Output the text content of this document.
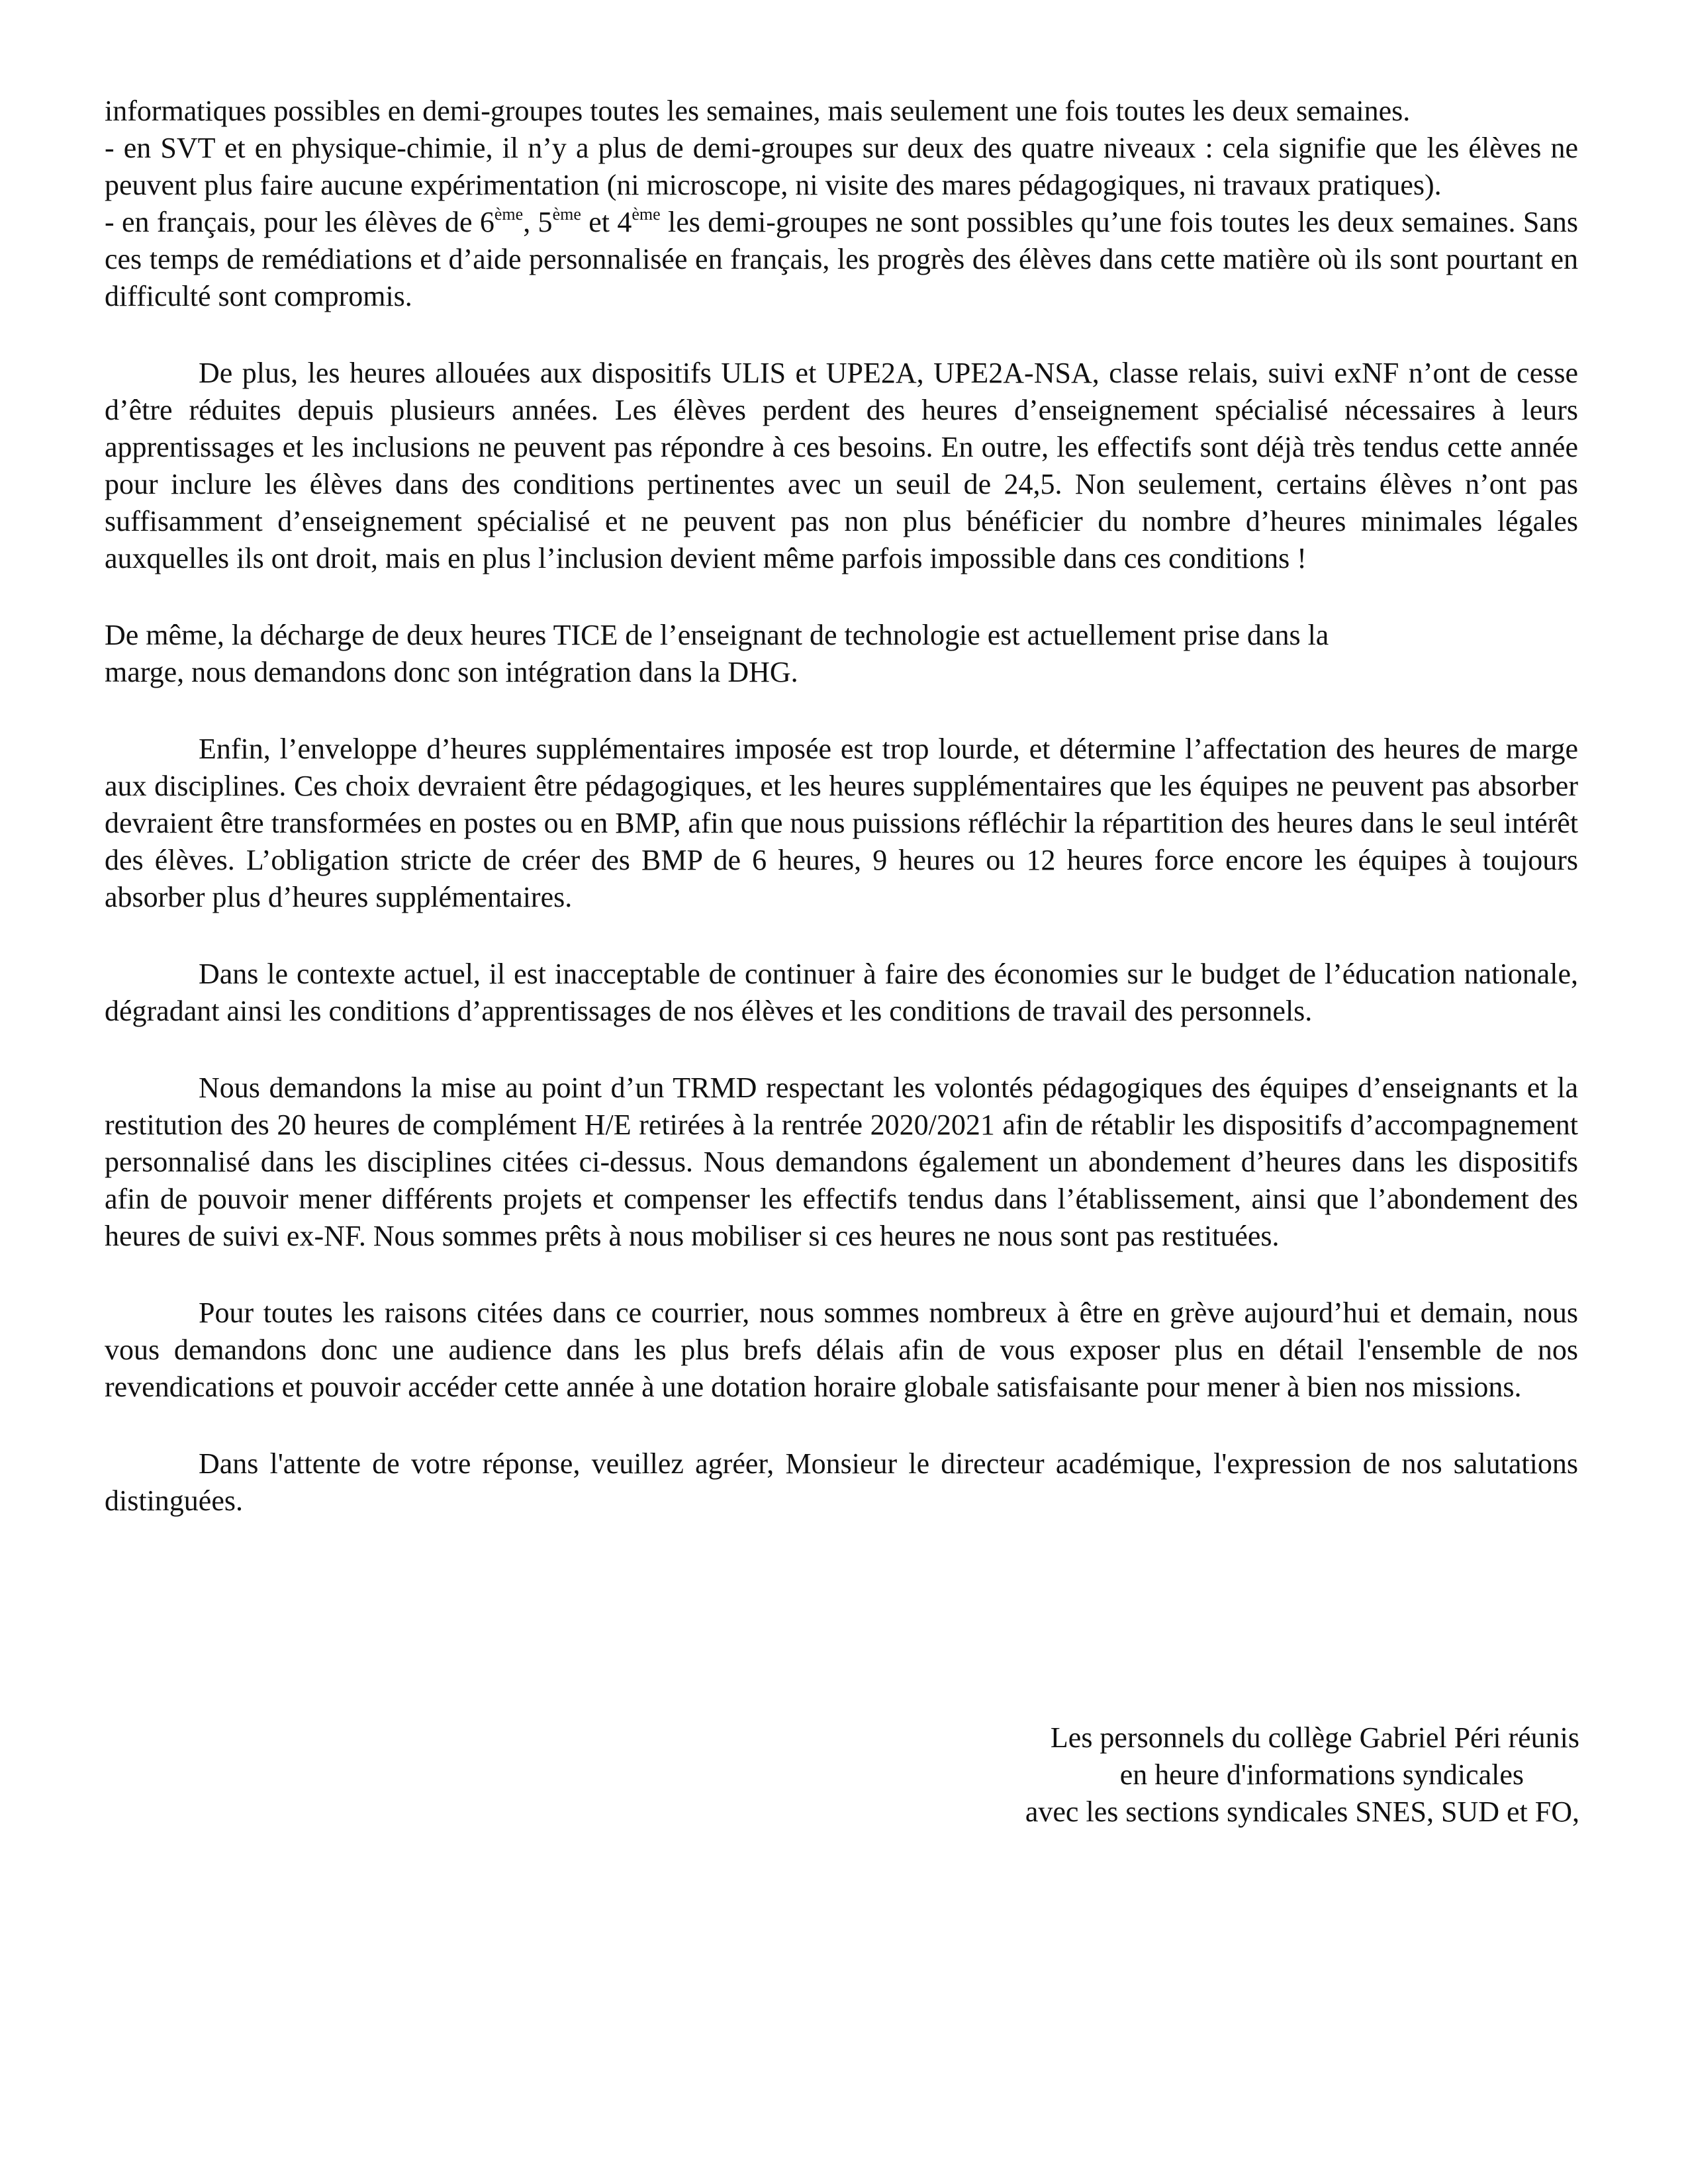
informatiques possibles en demi-groupes toutes les semaines, mais seulement une fois toutes les deux semaines.
- en SVT et en physique-chimie, il n’y a plus de demi-groupes sur deux des quatre niveaux : cela signifie que les élèves ne peuvent plus faire aucune expérimentation (ni microscope, ni visite des mares pédagogiques, ni travaux pratiques).
- en français, pour les élèves de 6ème, 5ème et 4ème les demi-groupes ne sont possibles qu’une fois toutes les deux semaines. Sans ces temps de remédiations et d’aide personnalisée en français, les progrès des élèves dans cette matière où ils sont pourtant en difficulté sont compromis.

De plus, les heures allouées aux dispositifs ULIS et UPE2A, UPE2A-NSA, classe relais, suivi exNF n’ont de cesse d’être réduites depuis plusieurs années. Les élèves perdent des heures d’enseignement spécialisé nécessaires à leurs apprentissages et les inclusions ne peuvent pas répondre à ces besoins. En outre, les effectifs sont déjà très tendus cette année pour inclure les élèves dans des conditions pertinentes avec un seuil de 24,5. Non seulement, certains élèves n’ont pas suffisamment d’enseignement spécialisé et ne peuvent pas non plus bénéficier du nombre d’heures minimales légales auxquelles ils ont droit, mais en plus l’inclusion devient même parfois impossible dans ces conditions !

De même, la décharge de deux heures TICE de l’enseignant de technologie est actuellement prise dans la
marge, nous demandons donc son intégration dans la DHG.

Enfin, l’enveloppe d’heures supplémentaires imposée est trop lourde, et détermine l’affectation des heures de marge aux disciplines. Ces choix devraient être pédagogiques, et les heures supplémentaires que les équipes ne peuvent pas absorber devraient être transformées en postes ou en BMP, afin que nous puissions réfléchir la répartition des heures dans le seul intérêt des élèves. L’obligation stricte de créer des BMP de 6 heures, 9 heures ou 12 heures force encore les équipes à toujours absorber plus d’heures supplémentaires.

Dans le contexte actuel, il est inacceptable de continuer à faire des économies sur le budget de l’éducation nationale, dégradant ainsi les conditions d’apprentissages de nos élèves et les conditions de travail des personnels.

Nous demandons la mise au point d’un TRMD respectant les volontés pédagogiques des équipes d’enseignants et la restitution des 20 heures de complément H/E retirées à la rentrée 2020/2021 afin de rétablir les dispositifs d’accompagnement personnalisé dans les disciplines citées ci-dessus. Nous demandons également un abondement d’heures dans les dispositifs afin de pouvoir mener différents projets et compenser les effectifs tendus dans l’établissement, ainsi que l’abondement des heures de suivi ex-NF. Nous sommes prêts à nous mobiliser si ces heures ne nous sont pas restituées.

Pour toutes les raisons citées dans ce courrier, nous sommes nombreux à être en grève aujourd’hui et demain, nous vous demandons donc une audience dans les plus brefs délais afin de vous exposer plus en détail l'ensemble de nos revendications et pouvoir accéder cette année à une dotation horaire globale satisfaisante pour mener à bien nos missions.

Dans l'attente de votre réponse, veuillez agréer, Monsieur le directeur académique, l'expression de nos salutations distinguées.

Les personnels du collège Gabriel Péri réunis
en heure d'informations syndicales
avec les sections syndicales SNES, SUD et FO,
